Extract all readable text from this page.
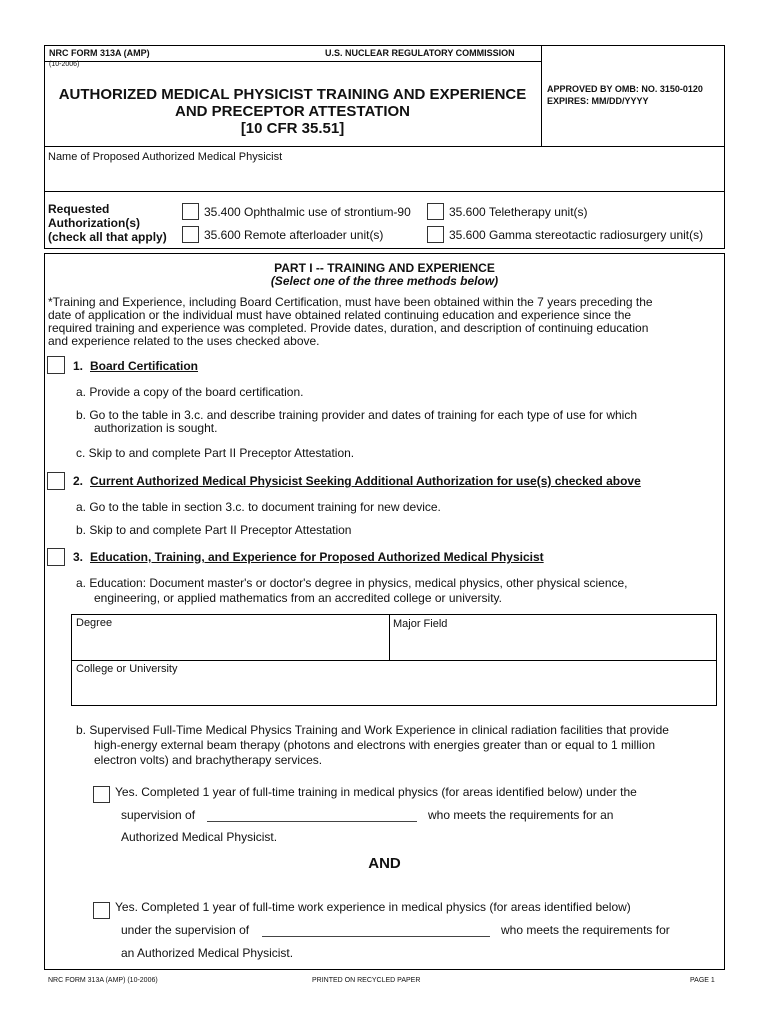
NRC FORM 313A (AMP)
(10-2006)
U.S. NUCLEAR REGULATORY COMMISSION
AUTHORIZED MEDICAL PHYSICIST TRAINING AND EXPERIENCE
AND PRECEPTOR ATTESTATION
[10 CFR 35.51]
APPROVED BY OMB: NO. 3150-0120
EXPIRES: MM/DD/YYYY
Name of Proposed Authorized Medical Physicist
Requested
Authorization(s)
(check all that apply)
35.400 Ophthalmic use of strontium-90	35.600 Teletherapy unit(s)
35.600 Remote afterloader unit(s)	35.600 Gamma stereotactic radiosurgery unit(s)
PART I -- TRAINING AND EXPERIENCE
(Select one of the three methods below)
*Training and Experience, including Board Certification, must have been obtained within the 7 years preceding the
date of application or the individual must have obtained related continuing education and experience since the
required training and experience was completed. Provide dates, duration, and description of continuing education
and experience related to the uses checked above.
1. Board Certification
a. Provide a copy of the board certification.
b. Go to the table in 3.c. and describe training provider and dates of training for each type of use for which
authorization is sought.
c. Skip to and complete Part II Preceptor Attestation.
2. Current Authorized Medical Physicist Seeking Additional Authorization for use(s) checked above
a. Go to the table in section 3.c. to document training for new device.
b. Skip to and complete Part II Preceptor Attestation
3. Education, Training, and Experience for Proposed Authorized Medical Physicist
a. Education: Document master's or doctor's degree in physics, medical physics, other physical science,
engineering, or applied mathematics from an accredited college or university.
Degree	Major Field
College or University
b. Supervised Full-Time Medical Physics Training and Work Experience in clinical radiation facilities that provide
high-energy external beam therapy (photons and electrons with energies greater than or equal to 1 million
electron volts) and brachytherapy services.
Yes. Completed 1 year of full-time training in medical physics (for areas identified below) under the
supervision of	who meets the requirements for an
Authorized Medical Physicist.
AND
Yes. Completed 1 year of full-time work experience in medical physics (for areas identified below)
under the supervision of	who meets the requirements for
an Authorized Medical Physicist.
NRC FORM 313A (AMP) (10-2006)	PRINTED ON RECYCLED PAPER	PAGE 1
